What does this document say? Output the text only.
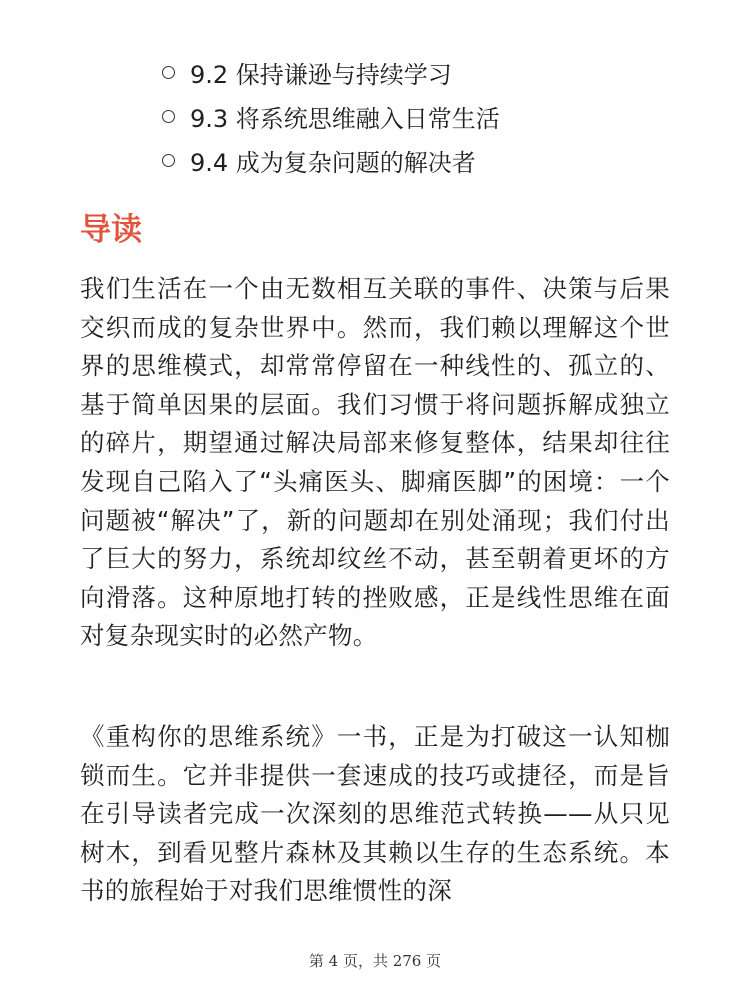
9.2 保持谦逊与持续学习
9.3 将系统思维融入日常生活
9.4 成为复杂问题的解决者
导读

我们生活在一个由无数相互关联的事件、决策与后果交织而成的复杂世界中。然而，我们赖以理解这个世界的思维模式，却常常停留在一种线性的、孤立的、基于简单因果的层面。我们习惯于将问题拆解成独立的碎片，期望通过解决局部来修复整体，结果却往往发现自己陷入了“头痛医头、脚痛医脚”的困境：一个问题被“解决”了，新的问题却在别处涌现；我们付出了巨大的努力，系统却纹丝不动，甚至朝着更坏的方向滑落。这种原地打转的挫败感，正是线性思维在面对复杂现实时的必然产物。

《重构你的思维系统》一书，正是为打破这一认知枷锁而生。它并非提供一套速成的技巧或捷径，而是旨在引导读者完成一次深刻的思维范式转换——从只见树木，到看见整片森林及其赖以生存的生态系统。本书的旅程始于对我们思维惯性的深

第 4 页，共 276 页
